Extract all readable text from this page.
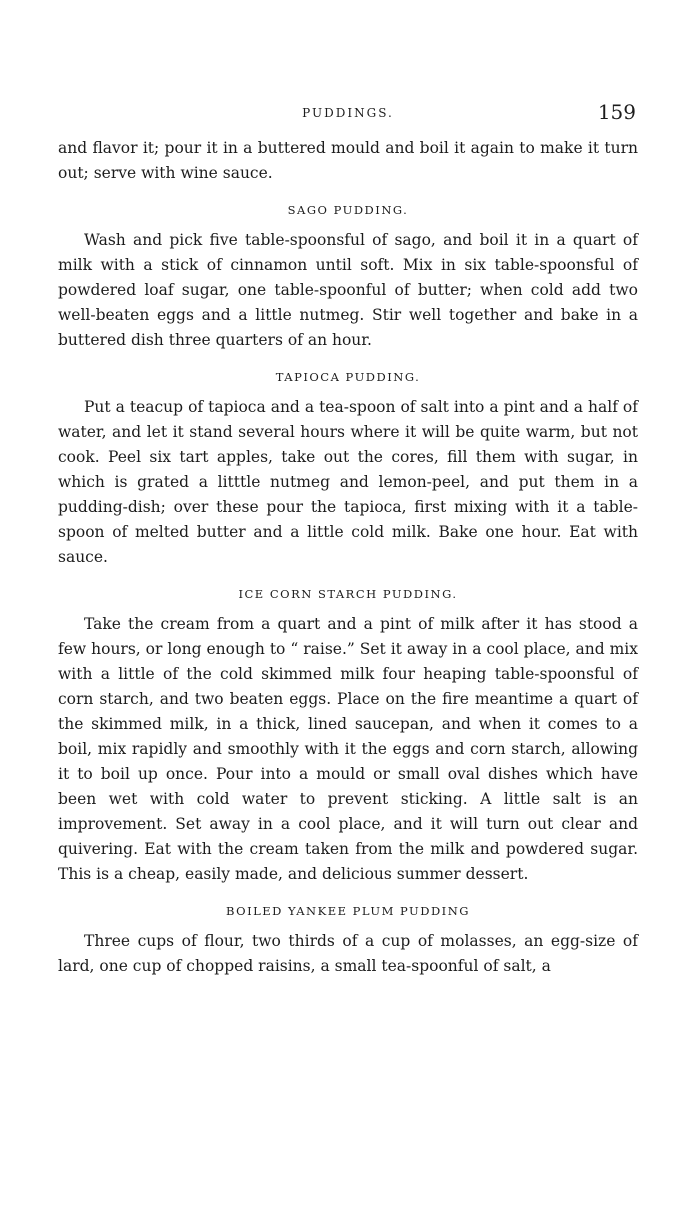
PUDDINGS.	159

and flavor it; pour it in a buttered mould and boil it again to make it turn out; serve with wine sauce.

SAGO PUDDING.

Wash and pick five table-spoonsful of sago, and boil it in a quart of milk with a stick of cinnamon until soft. Mix in six table-spoonsful of powdered loaf sugar, one table-spoonful of butter; when cold add two well-beaten eggs and a little nutmeg. Stir well together and bake in a buttered dish three quarters of an hour.

TAPIOCA PUDDING.

Put a teacup of tapioca and a tea-spoon of salt into a pint and a half of water, and let it stand several hours where it will be quite warm, but not cook. Peel six tart apples, take out the cores, fill them with sugar, in which is grated a litttle nutmeg and lemon-peel, and put them in a pudding-dish; over these pour the tapioca, first mixing with it a table-spoon of melted butter and a little cold milk. Bake one hour. Eat with sauce.

ICE CORN STARCH PUDDING.

Take the cream from a quart and a pint of milk after it has stood a few hours, or long enough to “ raise.” Set it away in a cool place, and mix with a little of the cold skimmed milk four heaping table-spoonsful of corn starch, and two beaten eggs. Place on the fire meantime a quart of the skimmed milk, in a thick, lined saucepan, and when it comes to a boil, mix rapidly and smoothly with it the eggs and corn starch, allowing it to boil up once. Pour into a mould or small oval dishes which have been wet with cold water to prevent sticking. A little salt is an improvement. Set away in a cool place, and it will turn out clear and quivering. Eat with the cream taken from the milk and powdered sugar. This is a cheap, easily made, and delicious summer dessert.

BOILED YANKEE PLUM PUDDING

Three cups of flour, two thirds of a cup of molasses, an egg-size of lard, one cup of chopped raisins, a small tea-spoonful of salt, a
